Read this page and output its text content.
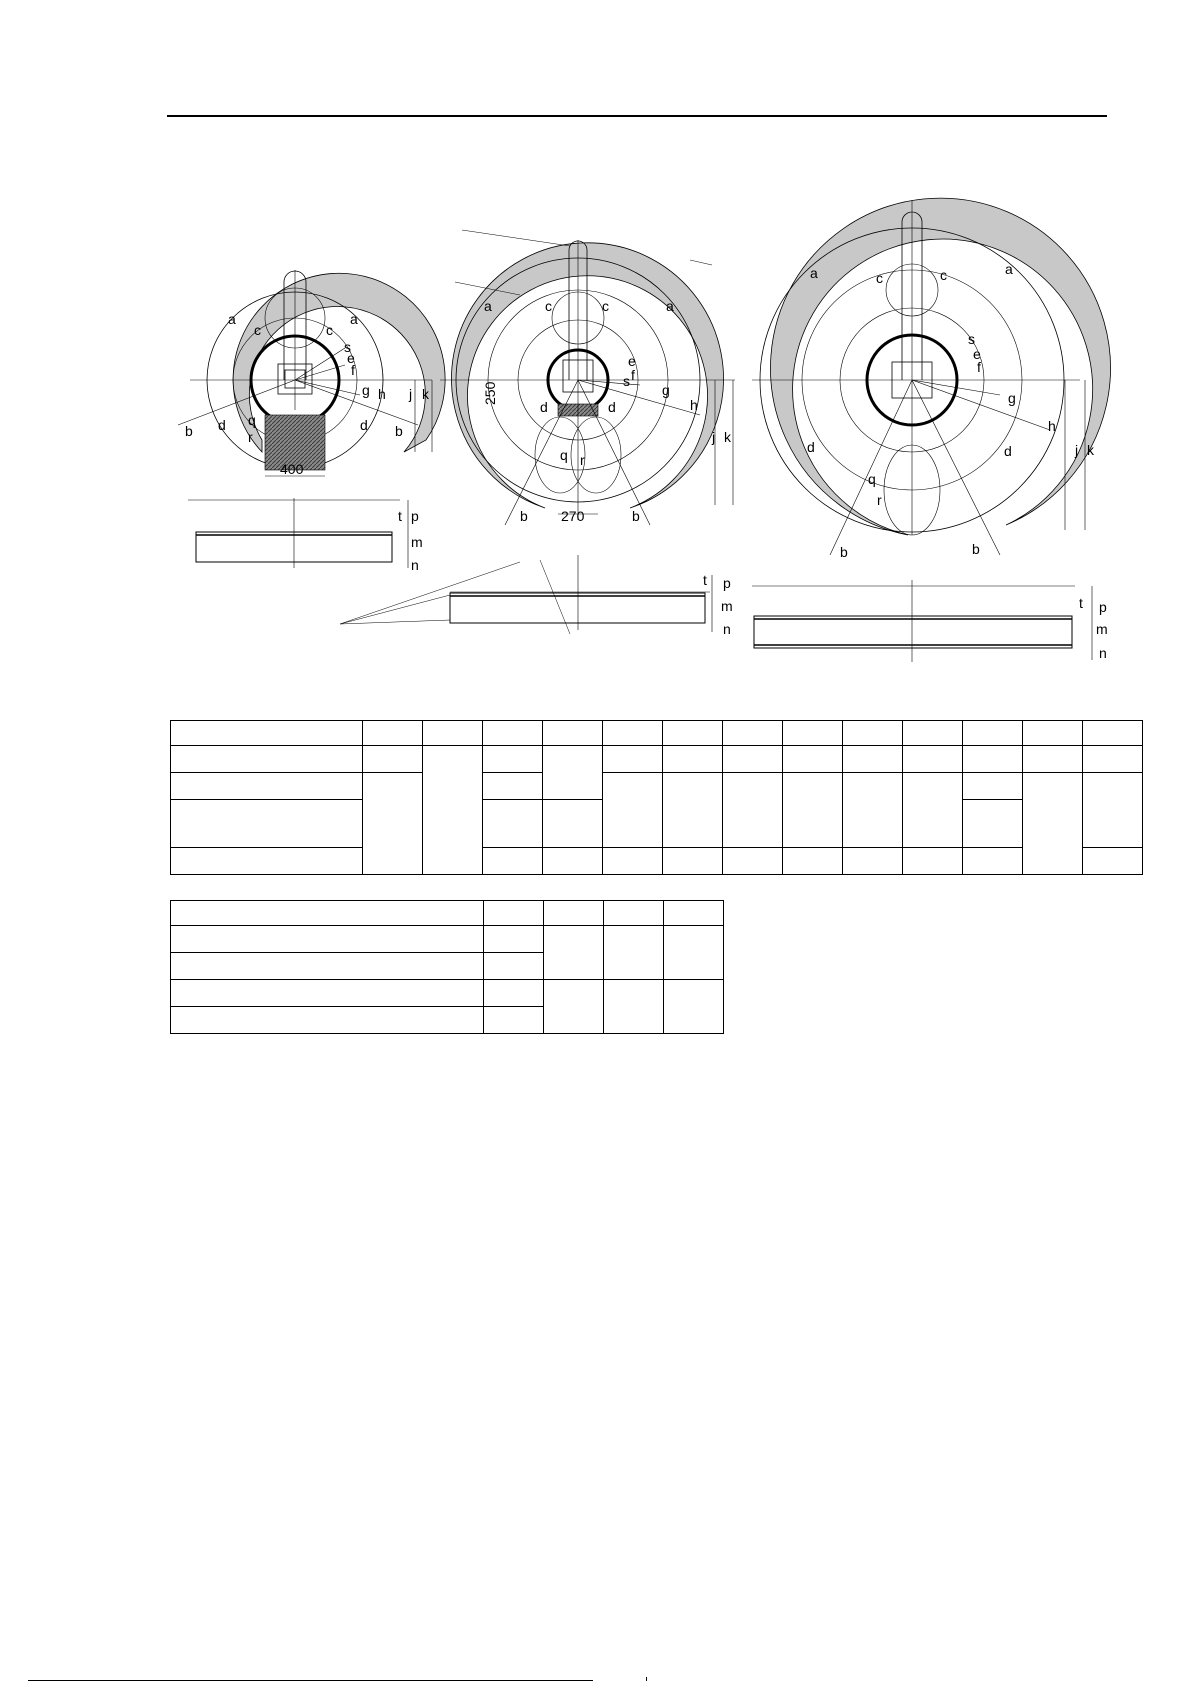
400
a	a
c	c
s
e
f
g h j k
b	b
d	d
q
r
t p
m
n
270
250
a	a
c	c
s
e
f
g
h
j k
b	b
d	d
q r
t p
m
n
a	a
c	c
s
e
f
g
h
j k
b	b
d	d
q
r
t p
m
n
